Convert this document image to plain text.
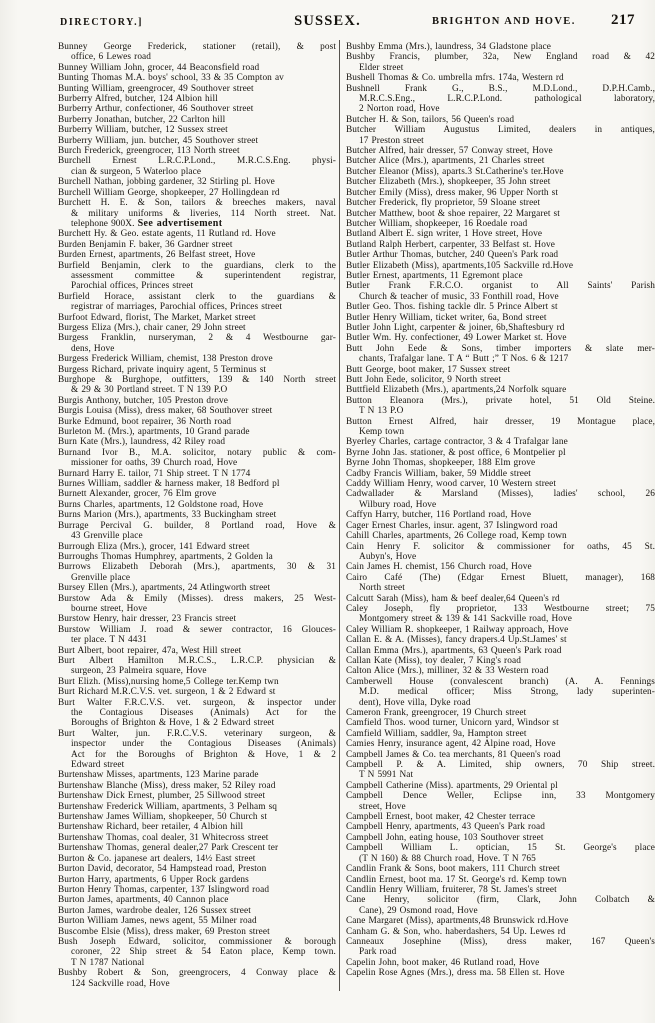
DIRECTORY.]	SUSSEX.	BRIGHTON AND HOVE. 217
Bunney George Frederick, stationer (retail), & post
office, 6 Lewes road
Bunney William John, grocer, 44 Beaconsfield road
Bunting Thomas M.A. boys' school, 33 & 35 Compton av
Bunting William, greengrocer, 49 Southover street
Burberry Alfred, butcher, 124 Albion hill
Burberry Arthur, confectioner, 46 Southover street
Burberry Jonathan, butcher, 22 Carlton hill
Burberry William, butcher, 12 Sussex street
Burberry William, jun. butcher, 45 Southover street
Burch Frederick, greengrocer, 113 North street
Burchell Ernest L.R.C.P.Lond., M.R.C.S.Eng. physi-
cian & surgeon, 5 Waterloo place
Burchell Nathan, jobbing gardener, 32 Stirling pl. Hove
Burchell William George, shopkeeper, 27 Hollingdean rd
Burchett H. E. & Son, tailors & breeches makers, naval
& military uniforms & liveries, 114 North street. Nat.
telephone 900X. See advertisement
Burchett Hy. & Geo. estate agents, 11 Rutland rd. Hove
Burden Benjamin F. baker, 36 Gardner street
Burden Ernest, apartments, 26 Belfast street, Hove
Burfield Benjamin, clerk to the guardians, clerk to the
assessment committee & superintendent registrar,
Parochial offices, Princes street
Burfield Horace, assistant clerk to the guardians &
registrar of marriages, Parochial offices, Princes street
Burfoot Edward, florist, The Market, Market street
Burgess Eliza (Mrs.), chair caner, 29 John street
Burgess Franklin, nurseryman, 2 & 4 Westbourne gar-
dens, Hove
Burgess Frederick William, chemist, 138 Preston drove
Burgess Richard, private inquiry agent, 5 Terminus st
Burghope & Burghope, outfitters, 139 & 140 North street
& 29 & 30 Portland street. T N 139 P.O
Burgis Anthony, butcher, 105 Preston drove
Burgis Louisa (Miss), dress maker, 68 Southover street
Burke Edmund, boot repairer, 36 North road
Burleton M. (Mrs.), apartments, 10 Grand parade
Burn Kate (Mrs.), laundress, 42 Riley road
Burnand Ivor B., M.A. solicitor, notary public & com-
missioner for oaths, 39 Church road, Hove
Burnard Harry E. tailor, 71 Ship street. T N 1774
Burnes William, saddler & harness maker, 18 Bedford pl
Burnett Alexander, grocer, 76 Elm grove
Burns Charles, apartments, 12 Goldstone road, Hove
Burns Marion (Mrs.), apartments, 33 Buckingham street
Burrage Percival G. builder, 8 Portland road, Hove &
43 Grenville place
Burrough Eliza (Mrs.), grocer, 141 Edward street
Burroughs Thomas Humphrey, apartments, 2 Golden la
Burrows Elizabeth Deborah (Mrs.), apartments, 30 & 31
Grenville place
Bursey Ellen (Mrs.), apartments, 24 Atlingworth street
Burstow Ada & Emily (Misses). dress makers, 25 West-
bourne street, Hove
Burstow Henry, hair dresser, 23 Francis street
Burstow William J. road & sewer contractor, 16 Glouces-
ter place. T N 4431
Burt Albert, boot repairer, 47a, West Hill street
Burt Albert Hamilton M.R.C.S., L.R.C.P. physician &
surgeon, 23 Palmeira square, Hove
Burt Elizh. (Miss),nursing home,5 College ter.Kemp twn
Burt Richard M.R.C.V.S. vet. surgeon, 1 & 2 Edward st
Burt Walter F.R.C.V.S. vet. surgeon, & inspector under
the Contagious Diseases (Animals) Act for the
Boroughs of Brighton & Hove, 1 & 2 Edward street
Burt Walter, jun. F.R.C.V.S. veterinary surgeon, &
inspector under the Contagious Diseases (Animals)
Act for the Boroughs of Brighton & Hove, 1 & 2
Edward street
Burtenshaw Misses, apartments, 123 Marine parade
Burtenshaw Blanche (Miss), dress maker, 52 Riley road
Burtenshaw Dick Ernest, plumber, 25 Sillwood street
Burtenshaw Frederick William, apartments, 3 Pelham sq
Burtenshaw James William, shopkeeper, 50 Church st
Burtenshaw Richard, beer retailer, 4 Albion hill
Burtenshaw Thomas, coal dealer, 31 Whitecross street
Burtenshaw Thomas, general dealer,27 Park Crescent ter
Burton & Co. japanese art dealers, 14½ East street
Burton David, decorator, 54 Hampstead road, Preston
Burton Harry, apartments, 6 Upper Rock gardens
Burton Henry Thomas, carpenter, 137 Islingword road
Burton James, apartments, 40 Cannon place
Burton James, wardrobe dealer, 126 Sussex street
Burton William James, news agent, 55 Milner road
Buscombe Elsie (Miss), dress maker, 69 Preston street
Bush Joseph Edward, solicitor, commissioner & borough
coroner, 22 Ship street & 54 Eaton place, Kemp town.
T N 1787 National
Bushby Robert & Son, greengrocers, 4 Conway place &
124 Sackville road, Hove
Bushby Emma (Mrs.), laundress, 34 Gladstone place
Bushby Francis, plumber, 32a, New England road & 42
Elder street
Bushell Thomas & Co. umbrella mfrs. 174a, Western rd
Bushnell Frank G., B.S., M.D.Lond., D.P.H.Camb.,
M.R.C.S.Eng., L.R.C.P.Lond. pathological laboratory,
2 Norton road, Hove
Butcher H. & Son, tailors, 56 Queen's road
Butcher William Augustus Limited, dealers in antiques,
17 Preston street
Butcher Alfred, hair dresser, 57 Conway street, Hove
Butcher Alice (Mrs.), apartments, 21 Charles street
Butcher Eleanor (Miss), aparts.3 St.Catherine's ter.Hove
Butcher Elizabeth (Mrs.), shopkeeper, 35 John street
Butcher Emily (Miss), dress maker, 96 Upper North st
Butcher Frederick, fly proprietor, 59 Sloane street
Butcher Matthew, boot & shoe repairer, 22 Margaret st
Butcher William, shopkeeper, 16 Roedale road
Butland Albert E. sign writer, 1 Hove street, Hove
Butland Ralph Herbert, carpenter, 33 Belfast st. Hove
Butler Arthur Thomas, butcher, 240 Queen's Park road
Butler Elizabeth (Miss), apartments,105 Sackville rd.Hove
Butler Ernest, apartments, 11 Egremont place
Butler Frank F.R.C.O. organist to All Saints' Parish
Church & teacher of music, 33 Fonthill road, Hove
Butler Geo. Thos. fishing tackle dlr. 5 Prince Albert st
Butler Henry William, ticket writer, 6a, Bond street
Butler John Light, carpenter & joiner, 6b,Shaftesbury rd
Butler Wm. Hy. confectioner, 49 Lower Market st. Hove
Butt John Eede & Sons, timber importers & slate mer-
chants, Trafalgar lane. T A “ Butt ;” T Nos. 6 & 1217
Butt George, boot maker, 17 Sussex street
Butt John Eede, solicitor, 9 North street
Buttfield Elizabeth (Mrs.), apartments,24 Norfolk square
Button Eleanora (Mrs.), private hotel, 51 Old Steine.
T N 13 P.O
Button Ernest Alfred, hair dresser, 19 Montague place,
Kemp town
Byerley Charles, cartage contractor, 3 & 4 Trafalgar lane
Byrne John Jas. stationer, & post office, 6 Montpelier pl
Byrne John Thomas, shopkeeper, 188 Elm grove
Cadby Francis William, baker, 59 Middle street
Caddy William Henry, wood carver, 10 Western street
Cadwallader & Marsland (Misses), ladies' school, 26
Wilbury road, Hove
Caffyn Harry, butcher, 116 Portland road, Hove
Cager Ernest Charles, insur. agent, 37 Islingword road
Cahill Charles, apartments, 26 College road, Kemp town
Cain Henry F. solicitor & commissioner for oaths, 45 St.
Aubyn's, Hove
Cain James H. chemist, 156 Church road, Hove
Cairo Café (The) (Edgar Ernest Bluett, manager), 168
North street
Calcutt Sarah (Miss), ham & beef dealer,64 Queen's rd
Caley Joseph, fly proprietor, 133 Westbourne street; 75
Montgomery street & 139 & 141 Sackville road, Hove
Caley William R. shopkeeper, 1 Railway approach, Hove
Callan E. & A. (Misses), fancy drapers.4 Up.St.James' st
Callan Emma (Mrs.), apartments, 63 Queen's Park road
Callan Kate (Miss), toy dealer, 7 King's road
Calton Alice (Mrs.), milliner, 32 & 33 Western road
Camberwell House (convalescent branch) (A. A. Fennings
M.D. medical officer; Miss Strong, lady superinten-
dent), Hove villa, Dyke road
Cameron Frank, greengrocer, 19 Church street
Camfield Thos. wood turner, Unicorn yard, Windsor st
Camfield William, saddler, 9a, Hampton street
Camies Henry, insurance agent, 42 Alpine road, Hove
Campbell James & Co. tea merchants, 81 Queen's road
Campbell P. & A. Limited, ship owners, 70 Ship street.
T N 5991 Nat
Campbell Catherine (Miss). apartments, 29 Oriental pl
Campbell Dence Weller, Eclipse inn, 33 Montgomery
street, Hove
Campbell Ernest, boot maker, 42 Chester terrace
Campbell Henry, apartments, 43 Queen's Park road
Campbell John, eating house, 103 Southover street
Campbell William L. optician, 15 St. George's place
(T N 160) & 88 Church road, Hove. T N 765
Candlin Frank & Sons, boot makers, 111 Church street
Candlin Ernest, boot ma. 17 St. George's rd. Kemp town
Candlin Henry William, fruiterer, 78 St. James's street
Cane Henry, solicitor (firm, Clark, John Colbatch &
Cane), 29 Osmond road, Hove
Cane Margaret (Miss), apartments,48 Brunswick rd.Hove
Canham G. & Son, who. haberdashers, 54 Up. Lewes rd
Canneaux Josephine (Miss), dress maker, 167 Queen's
Park road
Capelin John, boot maker, 46 Rutland road, Hove
Capelin Rose Agnes (Mrs.), dress ma. 58 Ellen st. Hove
